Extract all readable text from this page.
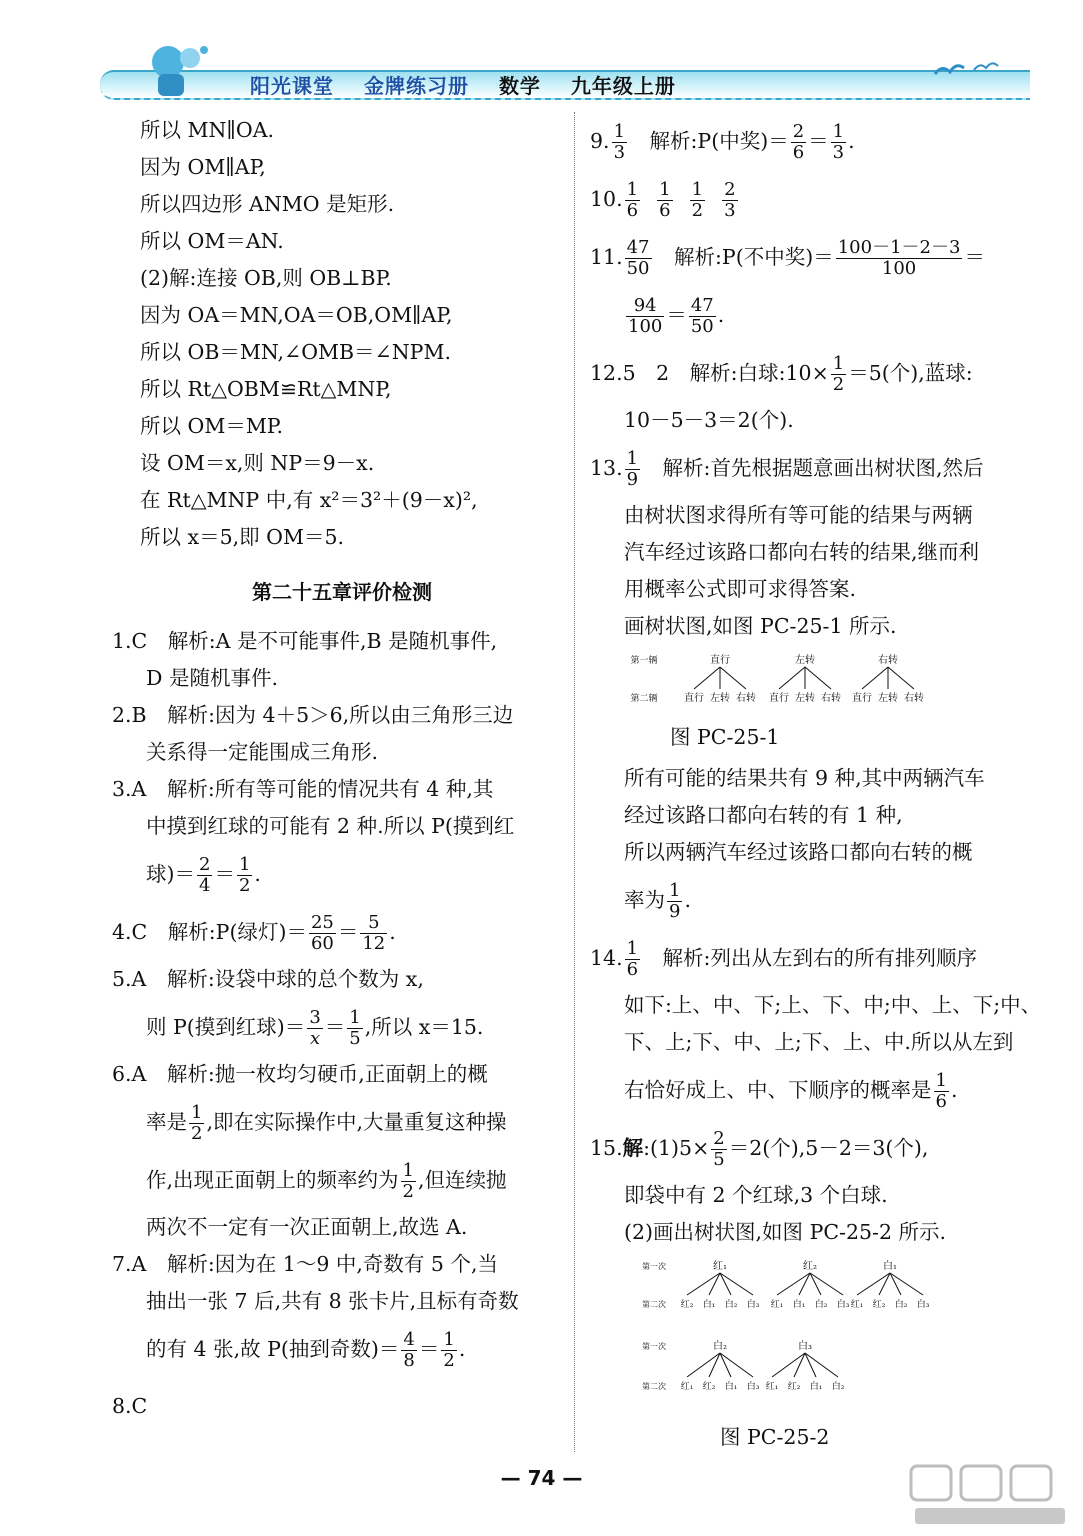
阳光课堂 金牌练习册 数学 九年级上册
所以 MN∥OA.
因为 OM∥AP,
所以四边形 ANMO 是矩形.
所以 OM＝AN.
(2)解:连接 OB,则 OB⊥BP.
因为 OA＝MN,OA＝OB,OM∥AP,
所以 OB＝MN,∠OMB＝∠NPM.
所以 Rt△OBM≌Rt△MNP,
所以 OM＝MP.
设 OM＝x,则 NP＝9－x.
在 Rt△MNP 中,有 x²＝3²＋(9－x)²,
所以 x＝5,即 OM＝5.
第二十五章评价检测
1.C　解析:A 是不可能事件,B 是随机事件,
D 是随机事件.
2.B　解析:因为 4＋5＞6,所以由三角形三边
关系得一定能围成三角形.
3.A　解析:所有等可能的情况共有 4 种,其
中摸到红球的可能有 2 种.所以 P(摸到红
球)＝ $\frac{2}{4} = \frac{1}{2}$ .
4.C　解析:P(绿灯)＝ $\frac{25}{60} = \frac{5}{12}$ .
5.A　解析:设袋中球的总个数为 x,
则 P(摸到红球)＝ $\frac{3}{x} = \frac{1}{5}$ ,所以 x＝15.
6.A　解析:抛一枚均匀硬币,正面朝上的概
率是 $\frac{1}{2}$ ,即在实际操作中,大量重复这种操
作,出现正面朝上的频率约为 $\frac{1}{2}$ ,但连续抛
两次不一定有一次正面朝上,故选 A.
7.A　解析:因为在 1～9 中,奇数有 5 个,当
抽出一张 7 后,共有 8 张卡片,且标有奇数
的有 4 张,故 P(抽到奇数)＝ $\frac{4}{8} = \frac{1}{2}$ .
8.C
9. $\frac{1}{3}$ 　解析:P(中奖)＝ $\frac{2}{6} = \frac{1}{3}$ .
10. $\frac{1}{6}$
$\frac{1}{6}$
$\frac{1}{2}$
$\frac{2}{3}$
11. $\frac{47}{50}$ 　解析:P(不中奖)＝ $\frac{100-1-2-3}{100}$ ＝
$\frac{94}{100} = \frac{47}{50}$ .
12.5　2　解析:白球:10× $\frac{1}{2} =5$(个),蓝球:
10－5－3＝2(个).
13. $\frac{1}{9}$ 　解析:首先根据题意画出树状图,然后
由树状图求得所有等可能的结果与两辆
汽车经过该路口都向右转的结果,继而利
用概率公式即可求得答案.
画树状图,如图 PC-25-1 所示.
第一辆
第二辆
直行
直行 左转 右转
左转
直行 左转 右转
右转
直行 左转 右转
图 PC-25-1
所有可能的结果共有 9 种,其中两辆汽车
经过该路口都向右转的有 1 种,
所以两辆汽车经过该路口都向右转的概
率为 $\frac{1}{9}$ .
14. $\frac{1}{6}$ 　解析:列出从左到右的所有排列顺序
如下:上、中、下;上、下、中;中、上、下;中、
下、上;下、中、上;下、上、中.所以从左到
右恰好成上、中、下顺序的概率是 $\frac{1}{6}$ .
15.解:(1)5× $\frac{2}{5} =2$(个),5－2＝3(个),
即袋中有 2 个红球,3 个白球.
(2)画出树状图,如图 PC-25-2 所示.
第一次
第二次
红₁
红₂ 白₁ 白₂ 白₃
红₂
红₁ 白₁ 白₂ 白₃
白₁
红₁ 红₂ 白₂ 白₃
第一次
第二次
白₂
红₁ 红₂ 白₁ 白₃
白₃
红₁ 红₂ 白₁ 白₂
图 PC-25-2
— 74 —
